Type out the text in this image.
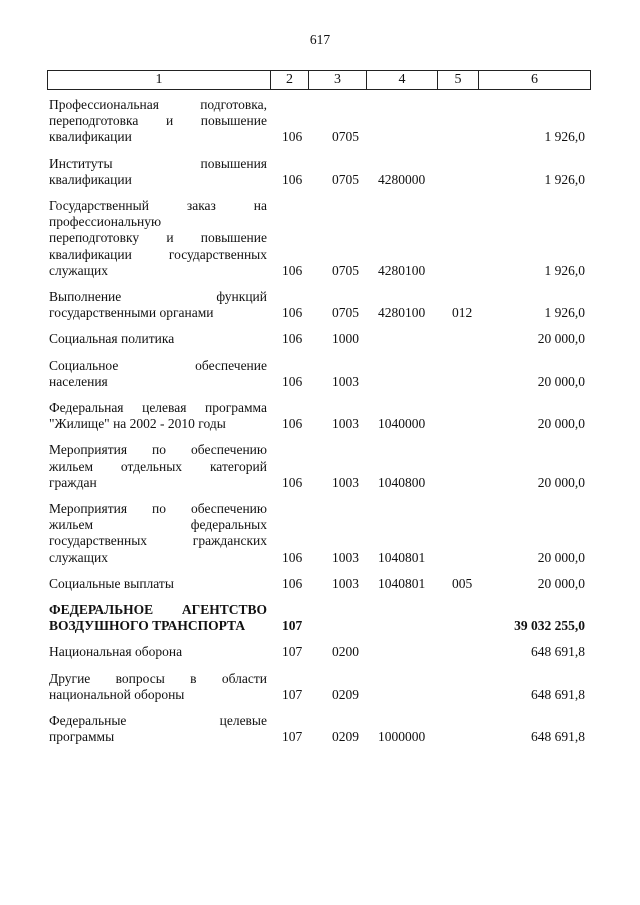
617
1	2	3	4	5	6
Профессиональная подготовка,
переподготовка и повышение
квалификации	106 0705	1 926,0
Институты повышения
квалификации	106 0705 4280000	1 926,0
Государственный заказ на
профессиональную
переподготовку и повышение
квалификации государственных
служащих	106 0705 4280100	1 926,0
Выполнение функций
государственными органами	106 0705 4280100 012	1 926,0
Социальная политика	106 1000	20 000,0
Социальное обеспечение
населения	106 1003	20 000,0
Федеральная целевая программа
"Жилище" на 2002 - 2010 годы	106 1003 1040000	20 000,0
Мероприятия по обеспечению
жильем отдельных категорий
граждан	106 1003 1040800	20 000,0
Мероприятия по обеспечению
жильем федеральных
государственных гражданских
служащих	106 1003 1040801	20 000,0
Социальные выплаты	106 1003 1040801 005	20 000,0
ФЕДЕРАЛЬНОЕ АГЕНТСТВО
ВОЗДУШНОГО ТРАНСПОРТА	107	39 032 255,0
Национальная оборона	107 0200	648 691,8
Другие вопросы в области
национальной обороны	107 0209	648 691,8
Федеральные целевые
программы	107 0209 1000000	648 691,8
